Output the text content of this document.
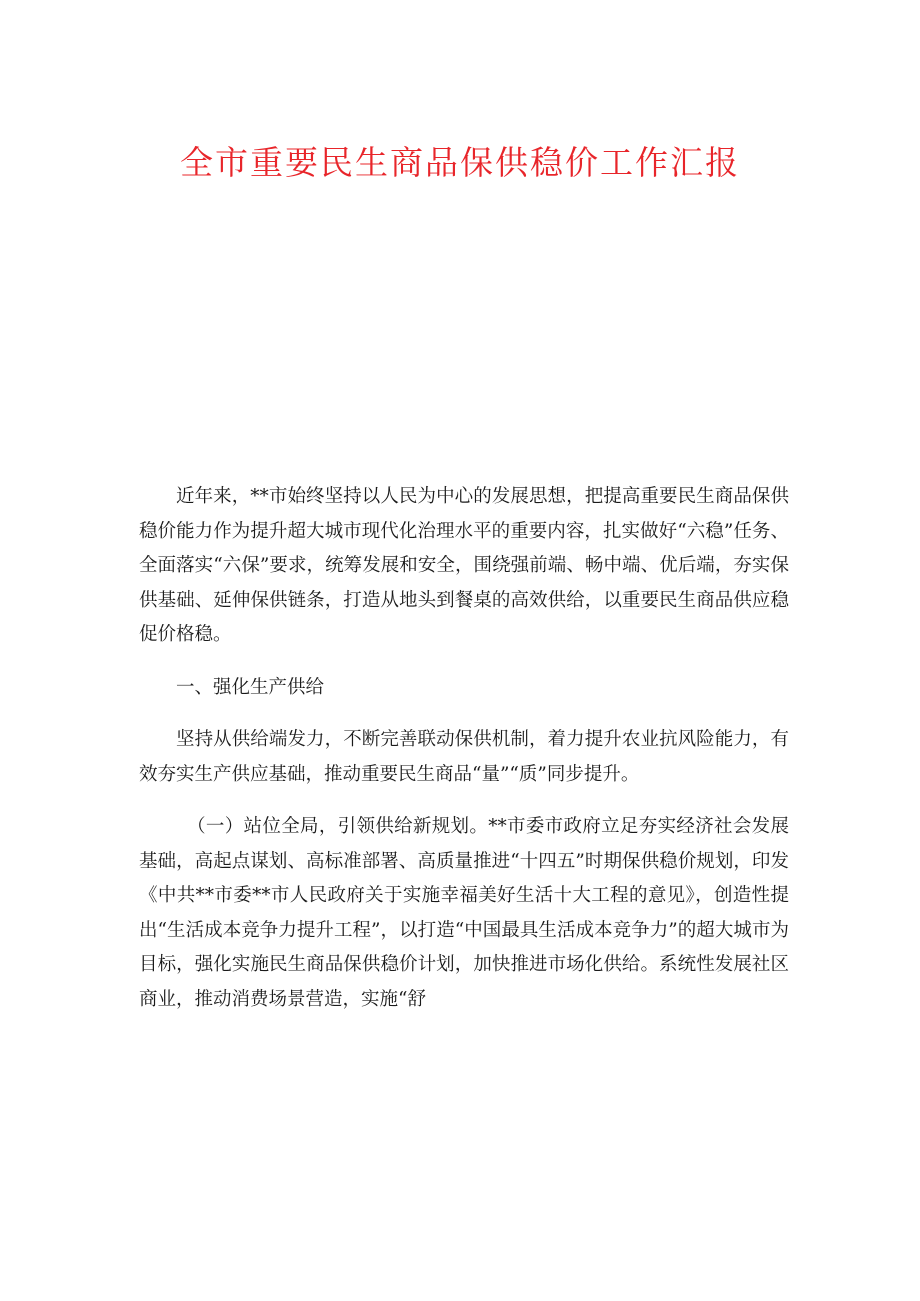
全市重要民生商品保供稳价工作汇报

近年来，**市始终坚持以人民为中心的发展思想，把提高重要民生商品保供稳价能力作为提升超大城市现代化治理水平的重要内容，扎实做好“六稳”任务、全面落实“六保”要求，统筹发展和安全，围绕强前端、畅中端、优后端，夯实保供基础、延伸保供链条，打造从地头到餐桌的高效供给，以重要民生商品供应稳促价格稳。

一、强化生产供给

坚持从供给端发力，不断完善联动保供机制，着力提升农业抗风险能力，有效夯实生产供应基础，推动重要民生商品“量”“质”同步提升。

（一）站位全局，引领供给新规划。**市委市政府立足夯实经济社会发展基础，高起点谋划、高标准部署、高质量推进“十四五”时期保供稳价规划，印发《中共**市委**市人民政府关于实施幸福美好生活十大工程的意见》，创造性提出“生活成本竞争力提升工程”，以打造“中国最具生活成本竞争力”的超大城市为目标，强化实施民生商品保供稳价计划，加快推进市场化供给。系统性发展社区商业，推动消费场景营造，实施“舒
